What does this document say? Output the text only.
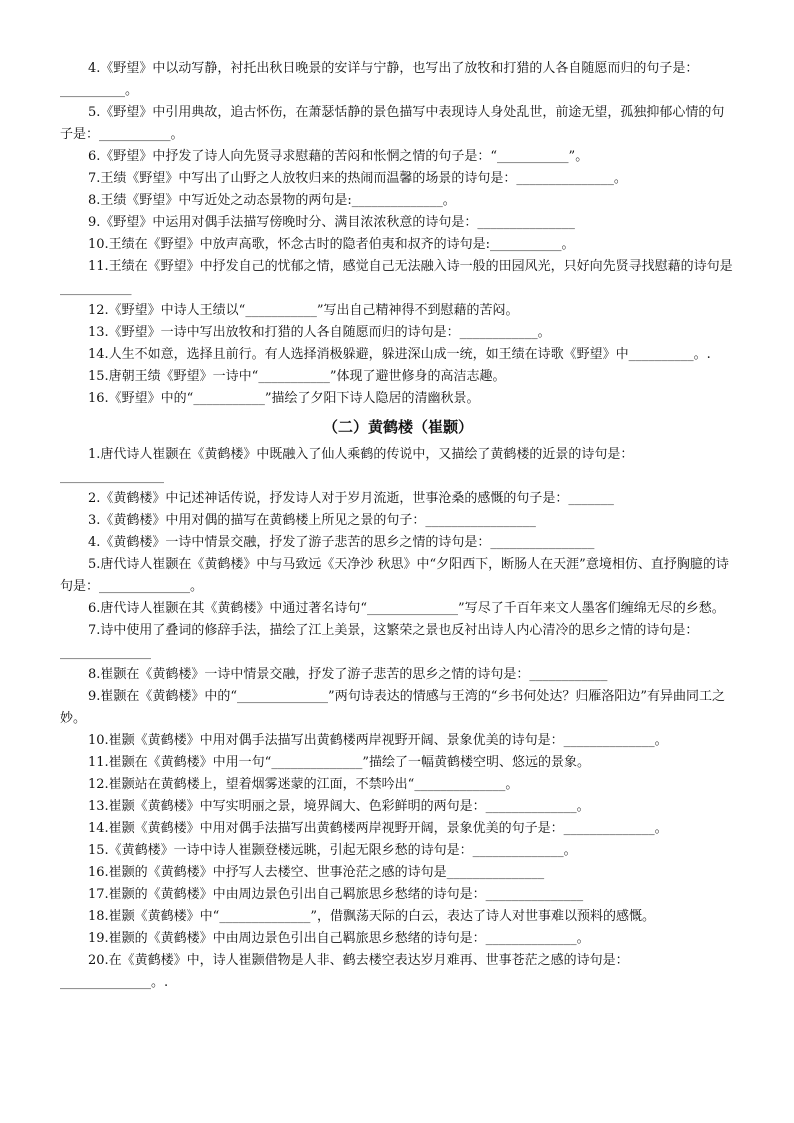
4.《野望》中以动写静，衬托出秋日晚景的安详与宁静，也写出了放牧和打猎的人各自随愿而归的句子是：__________。

5.《野望》中引用典故，追古怀伤，在萧瑟恬静的景色描写中表现诗人身处乱世，前途无望，孤独抑郁心情的句子是：___________。

6.《野望》中抒发了诗人向先贤寻求慰藉的苦闷和怅惘之情的句子是：“___________”。

7.王绩《野望》中写出了山野之人放牧归来的热闹而温馨的场景的诗句是：_______________。

8.王绩《野望》中写近处之动态景物的两句是:______________。

9.《野望》中运用对偶手法描写傍晚时分、满目浓浓秋意的诗句是：_______________

10.王绩在《野望》中放声高歌，怀念古时的隐者伯夷和叔齐的诗句是:___________。

11.王绩在《野望》中抒发自己的忧郁之情，感觉自己无法融入诗一般的田园风光，只好向先贤寻找慰藉的诗句是___________

12.《野望》中诗人王绩以“___________”写出自己精神得不到慰藉的苦闷。

13.《野望》一诗中写出放牧和打猎的人各自随愿而归的诗句是：____________。

14.人生不如意，选择且前行。有人选择消极躲避，躲进深山成一统，如王绩在诗歌《野望》中__________。.

15.唐朝王绩《野望》一诗中“___________”体现了避世修身的高洁志趣。

16.《野望》中的“___________”描绘了夕阳下诗人隐居的清幽秋景。

（二）黄鹤楼（崔颢）

1.唐代诗人崔颢在《黄鹤楼》中既融入了仙人乘鹤的传说中，又描绘了黄鹤楼的近景的诗句是：________________

2.《黄鹤楼》中记述神话传说，抒发诗人对于岁月流逝，世事沧桑的感慨的句子是：_______

3.《黄鹤楼》中用对偶的描写在黄鹤楼上所见之景的句子：_________________

4.《黄鹤楼》一诗中情景交融，抒发了游子悲苦的思乡之情的诗句是：________________

5.唐代诗人崔颢在《黄鹤楼》中与马致远《天净沙 秋思》中“夕阳西下，断肠人在天涯”意境相仿、直抒胸臆的诗句是：______________。

6.唐代诗人崔颢在其《黄鹤楼》中通过著名诗句“______________”写尽了千百年来文人墨客们缠绵无尽的乡愁。

7.诗中使用了叠词的修辞手法，描绘了江上美景，这繁荣之景也反衬出诗人内心清冷的思乡之情的诗句是：______________

8.崔颢在《黄鹤楼》一诗中情景交融，抒发了游子悲苦的思乡之情的诗句是：____________

9.崔颢在《黄鹤楼》中的“______________”两句诗表达的情感与王湾的“乡书何处达？归雁洛阳边”有异曲同工之妙。

10.崔颢《黄鹤楼》中用对偶手法描写出黄鹤楼两岸视野开阔、景象优美的诗句是：______________。

11.崔颢在《黄鹤楼》中用一句“______________”描绘了一幅黄鹤楼空明、悠远的景象。

12.崔颢站在黄鹤楼上，望着烟雾迷蒙的江面，不禁吟出“______________。

13.崔颢《黄鹤楼》中写实明丽之景，境界阔大、色彩鲜明的两句是：______________。

14.崔颢《黄鹤楼》中用对偶手法描写出黄鹤楼两岸视野开阔，景象优美的句子是：______________。

15.《黄鹤楼》一诗中诗人崔颢登楼远眺，引起无限乡愁的诗句是：______________。

16.崔颢的《黄鹤楼》中抒写人去楼空、世事沧茫之感的诗句是_______________

17.崔颢的《黄鹤楼》中由周边景色引出自己羁旅思乡愁绪的诗句是：_______________

18.崔颢《黄鹤楼》中“______________”，借飘荡天际的白云，表达了诗人对世事难以预料的感慨。

19.崔颢的《黄鹤楼》中由周边景色引出自己羁旅思乡愁绪的诗句是：______________。

20.在《黄鹤楼》中，诗人崔颢借物是人非、鹤去楼空表达岁月难再、世事苍茫之感的诗句是：______________。.
